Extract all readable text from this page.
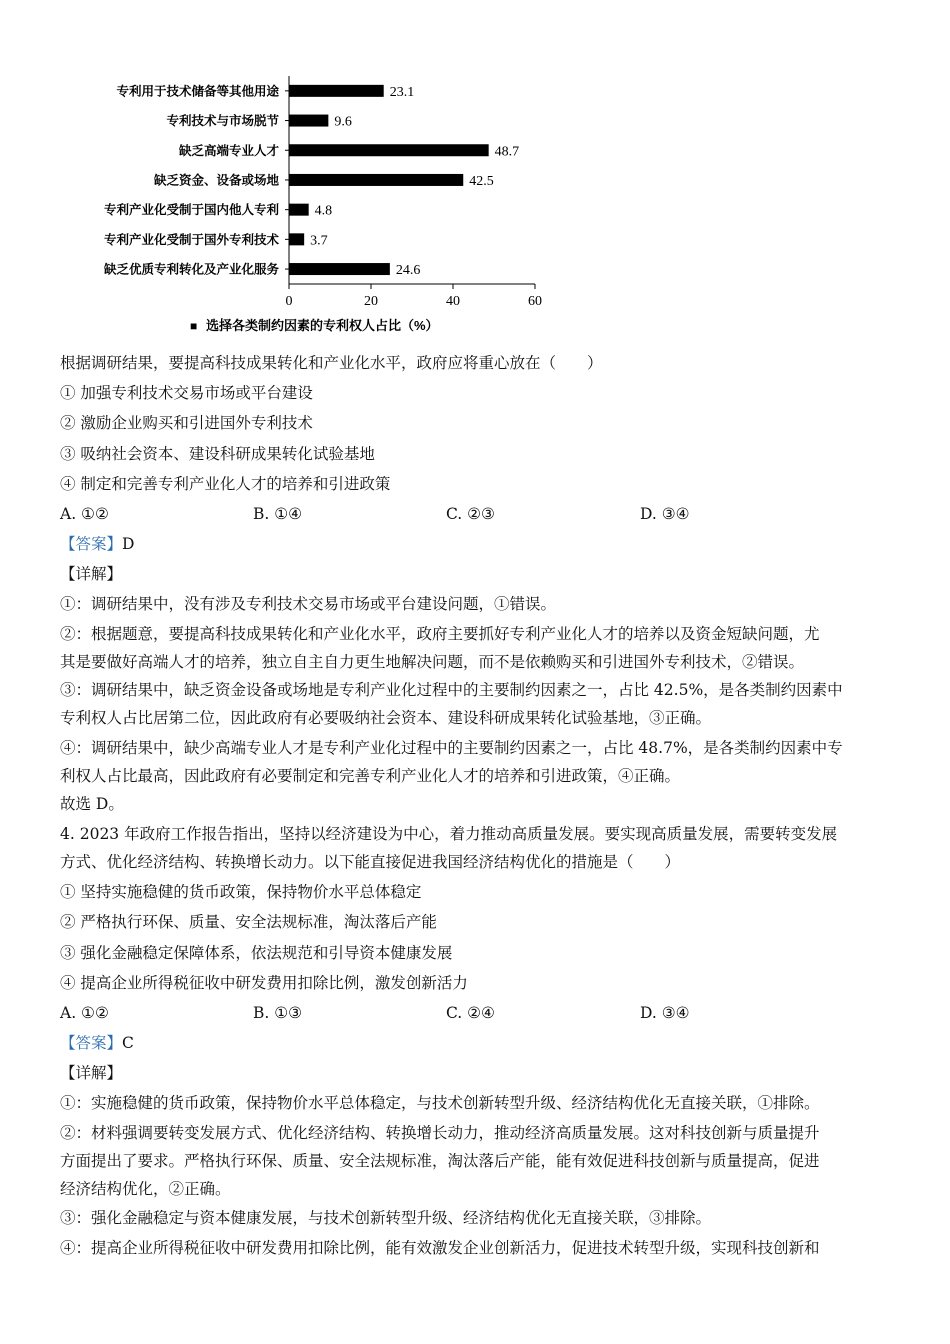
专利用于技术储备等其他用途
专利技术与市场脱节
缺乏高端专业人才
缺乏资金、设备或场地
专利产业化受制于国内他人专利
专利产业化受制于国外专利技术
缺乏优质专利转化及产业化服务
23.1
9.6
48.7
42.5
4.8
3.7
24.6
0	20	40	60
■ 选择各类制约因素的专利权人占比（%）
根据调研结果，要提高科技成果转化和产业化水平，政府应将重心放在（　　）
① 加强专利技术交易市场或平台建设
② 激励企业购买和引进国外专利技术
③ 吸纳社会资本、建设科研成果转化试验基地
④ 制定和完善专利产业化人才的培养和引进政策
A. ①②	B. ①④	C. ②③	D. ③④
【答案】D
【详解】
①：调研结果中，没有涉及专利技术交易市场或平台建设问题，①错误。
②：根据题意，要提高科技成果转化和产业化水平，政府主要抓好专利产业化人才的培养以及资金短缺问题，尤
其是要做好高端人才的培养，独立自主自力更生地解决问题，而不是依赖购买和引进国外专利技术，②错误。
③：调研结果中，缺乏资金设备或场地是专利产业化过程中的主要制约因素之一，占比 42.5%，是各类制约因素中
专利权人占比居第二位，因此政府有必要吸纳社会资本、建设科研成果转化试验基地，③正确。
④：调研结果中，缺少高端专业人才是专利产业化过程中的主要制约因素之一，占比 48.7%，是各类制约因素中专
利权人占比最高，因此政府有必要制定和完善专利产业化人才的培养和引进政策，④正确。
故选 D。
4. 2023 年政府工作报告指出，坚持以经济建设为中心，着力推动高质量发展。要实现高质量发展，需要转变发展
方式、优化经济结构、转换增长动力。以下能直接促进我国经济结构优化的措施是（　　）
① 坚持实施稳健的货币政策，保持物价水平总体稳定
② 严格执行环保、质量、安全法规标准，淘汰落后产能
③ 强化金融稳定保障体系，依法规范和引导资本健康发展
④ 提高企业所得税征收中研发费用扣除比例，激发创新活力
A. ①②	B. ①③	C. ②④	D. ③④
【答案】C
【详解】
①：实施稳健的货币政策，保持物价水平总体稳定，与技术创新转型升级、经济结构优化无直接关联，①排除。
②：材料强调要转变发展方式、优化经济结构、转换增长动力，推动经济高质量发展。这对科技创新与质量提升
方面提出了要求。严格执行环保、质量、安全法规标准，淘汰落后产能，能有效促进科技创新与质量提高，促进
经济结构优化，②正确。
③：强化金融稳定与资本健康发展，与技术创新转型升级、经济结构优化无直接关联，③排除。
④：提高企业所得税征收中研发费用扣除比例，能有效激发企业创新活力，促进技术转型升级，实现科技创新和
